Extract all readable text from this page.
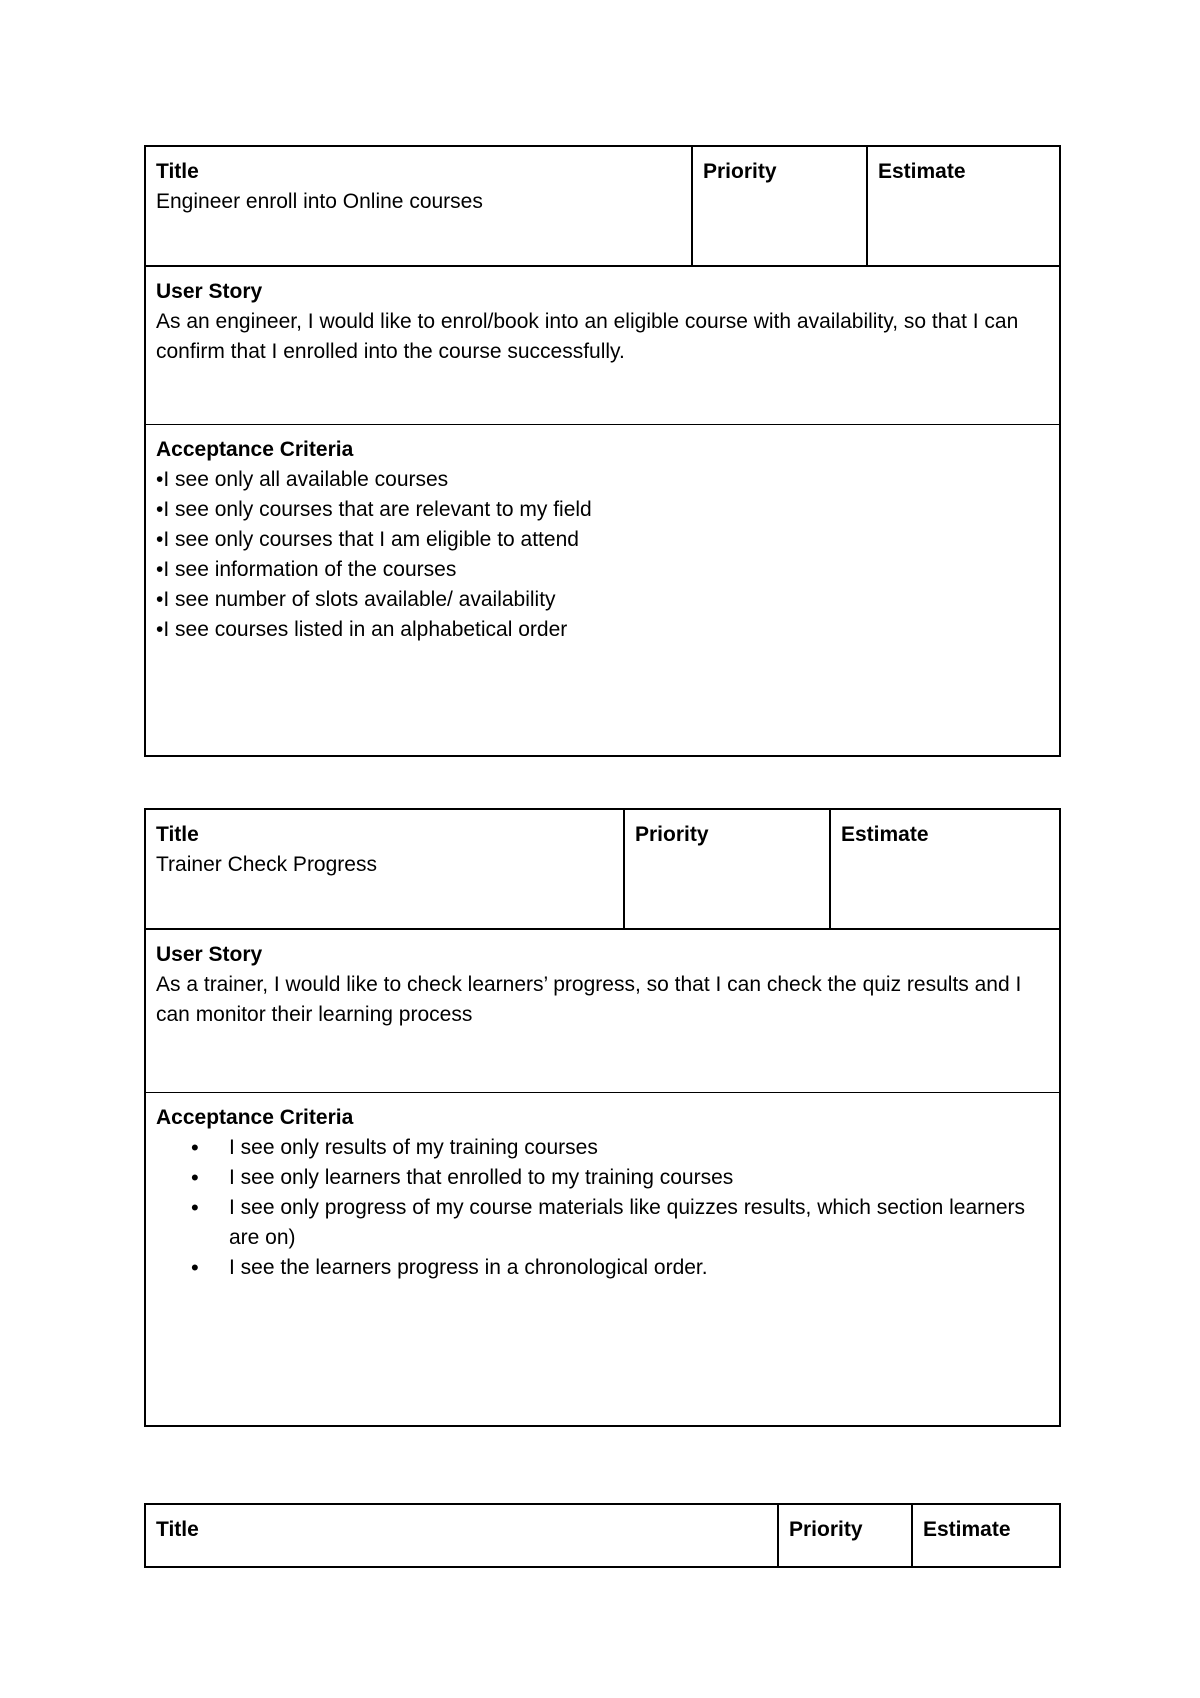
Title
Engineer enroll into Online courses
Priority	Estimate
User Story
As an engineer, I would like to enrol/book into an eligible course with availability, so that I can confirm that I enrolled into the course successfully.
Acceptance Criteria
•I see only all available courses
•I see only courses that are relevant to my field
•I see only courses that I am eligible to attend
•I see information of the courses
•I see number of slots available/ availability
•I see courses listed in an alphabetical order
Title
Trainer Check Progress
Priority	Estimate
User Story
As a trainer, I would like to check learners’ progress, so that I can check the quiz results and I can monitor their learning process
Acceptance Criteria
• I see only results of my training courses
• I see only learners that enrolled to my training courses
• I see only progress of my course materials like quizzes results, which section learners are on)
• I see the learners progress in a chronological order.
Title	Priority	Estimate
